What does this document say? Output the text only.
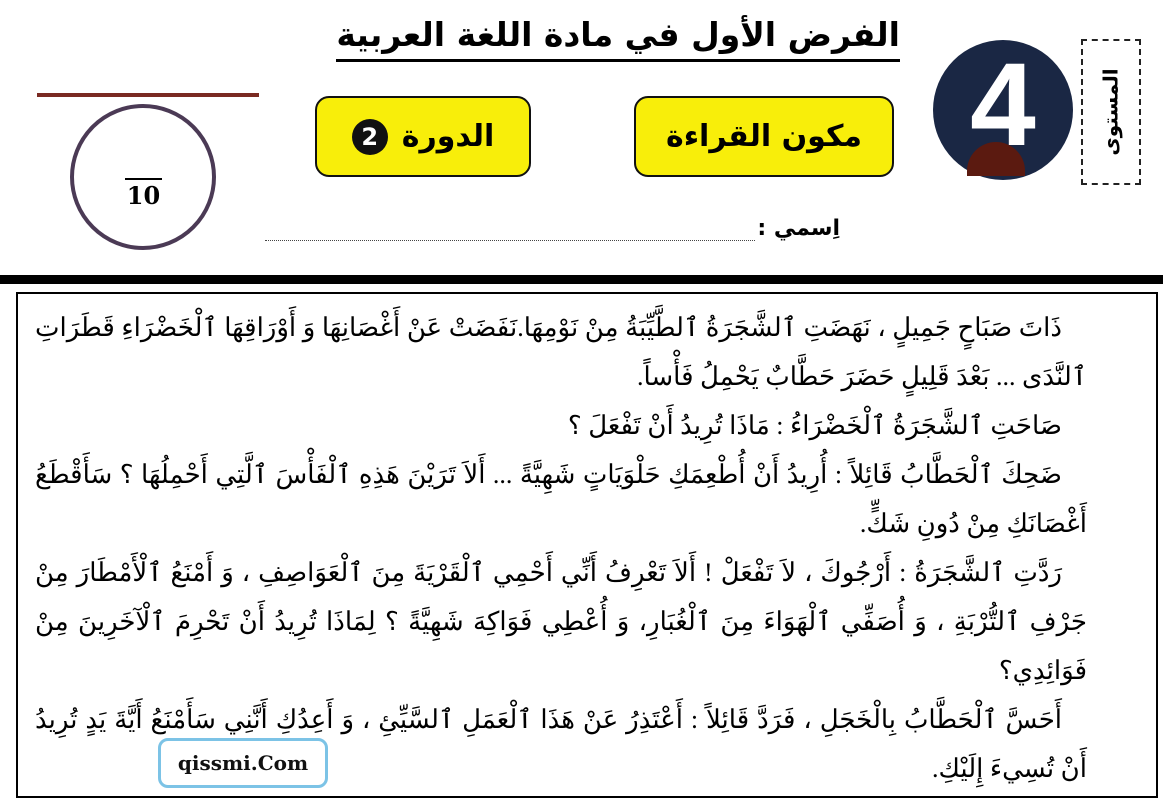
المستوى
4
الفرض الأول في مادة اللغة العربية
مكون القراءة
الدورة
2
اِسمي :
10

ذَاتَ صَبَاحٍ جَمِيلٍ ، نَهَضَتِ ٱلشَّجَرَةُ ٱلطَّيِّبَةُ مِنْ نَوْمِهَا.نَفَضَتْ عَنْ أَغْصَانِهَا وَ أَوْرَاقِهَا ٱلْخَضْرَاءِ قَطَرَاتِ ٱلنَّدَى ... بَعْدَ قَلِيلٍ حَضَرَ حَطَّابٌ يَحْمِلُ فَأْساً.

صَاحَتِ ٱلشَّجَرَةُ ٱلْخَضْرَاءُ : مَاذَا تُرِيدُ أَنْ تَفْعَلَ ؟

ضَحِكَ ٱلْحَطَّابُ قَائِلاً : أُرِيدُ أَنْ أُطْعِمَكِ حَلْوَيَاتٍ شَهِيَّةً ... أَلاَ تَرَيْنَ هَذِهِ ٱلْفَأْسَ ٱلَّتِي أَحْمِلُهَا ؟ سَأَقْطَعُ أَغْصَانَكِ مِنْ دُونِ شَكٍّ.

رَدَّتِ ٱلشَّجَرَةُ : أَرْجُوكَ ، لاَ تَفْعَلْ ! أَلاَ تَعْرِفُ أَنِّي أَحْمِي ٱلْقَرْيَةَ مِنَ ٱلْعَوَاصِفِ ، وَ أَمْنَعُ ٱلْأَمْطَارَ مِنْ جَرْفِ ٱلتُّرْبَةِ ، وَ أُصَفِّي ٱلْهَوَاءَ مِنَ ٱلْغُبَارِ، وَ أُعْطِي فَوَاكِهَ شَهِيَّةً ؟ لِمَاذَا تُرِيدُ أَنْ تَحْرِمَ ٱلْآخَرِينَ مِنْ فَوَائِدِي؟

أَحَسَّ ٱلْحَطَّابُ بِالْخَجَلِ ، فَرَدَّ قَائِلاً : أَعْتَذِرُ عَنْ هَذَا ٱلْعَمَلِ ٱلسَّيِّئِ ، وَ أَعِدُكِ أَنَّنِي سَأَمْنَعُ أَيَّةَ يَدٍ تُرِيدُ أَنْ تُسِيءَ إِلَيْكِ.

qissmi.Com
